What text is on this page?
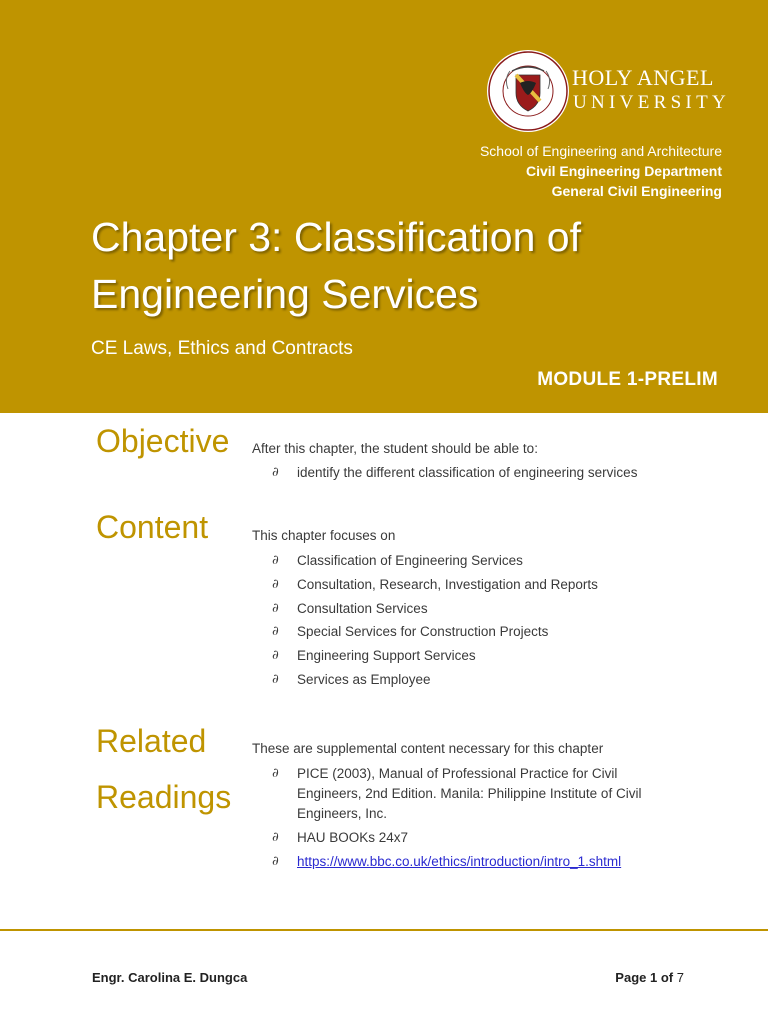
HOLY ANGEL
UNIVERSITY
School of Engineering and Architecture
Civil Engineering Department
General Civil Engineering
Chapter 3: Classification of Engineering Services
CE Laws, Ethics and Contracts
MODULE 1-PRELIM
Objective After this chapter, the student should be able to:

∂ identify the different classification of engineering services
Content	This chapter focuses on

∂ Classification of Engineering Services
∂ Consultation, Research, Investigation and Reports
∂ Consultation Services
∂ Special Services for Construction Projects
∂ Engineering Support Services
∂ Services as Employee
Related
Readings

These are supplemental content necessary for this chapter

∂ PICE (2003), Manual of Professional Practice for Civil Engineers, 2nd Edition. Manila: Philippine Institute of Civil Engineers, Inc.
∂ HAU BOOKs 24x7
∂ https://www.bbc.co.uk/ethics/introduction/intro_1.shtml
Engr. Carolina E. Dungca	Page 1 of 7
